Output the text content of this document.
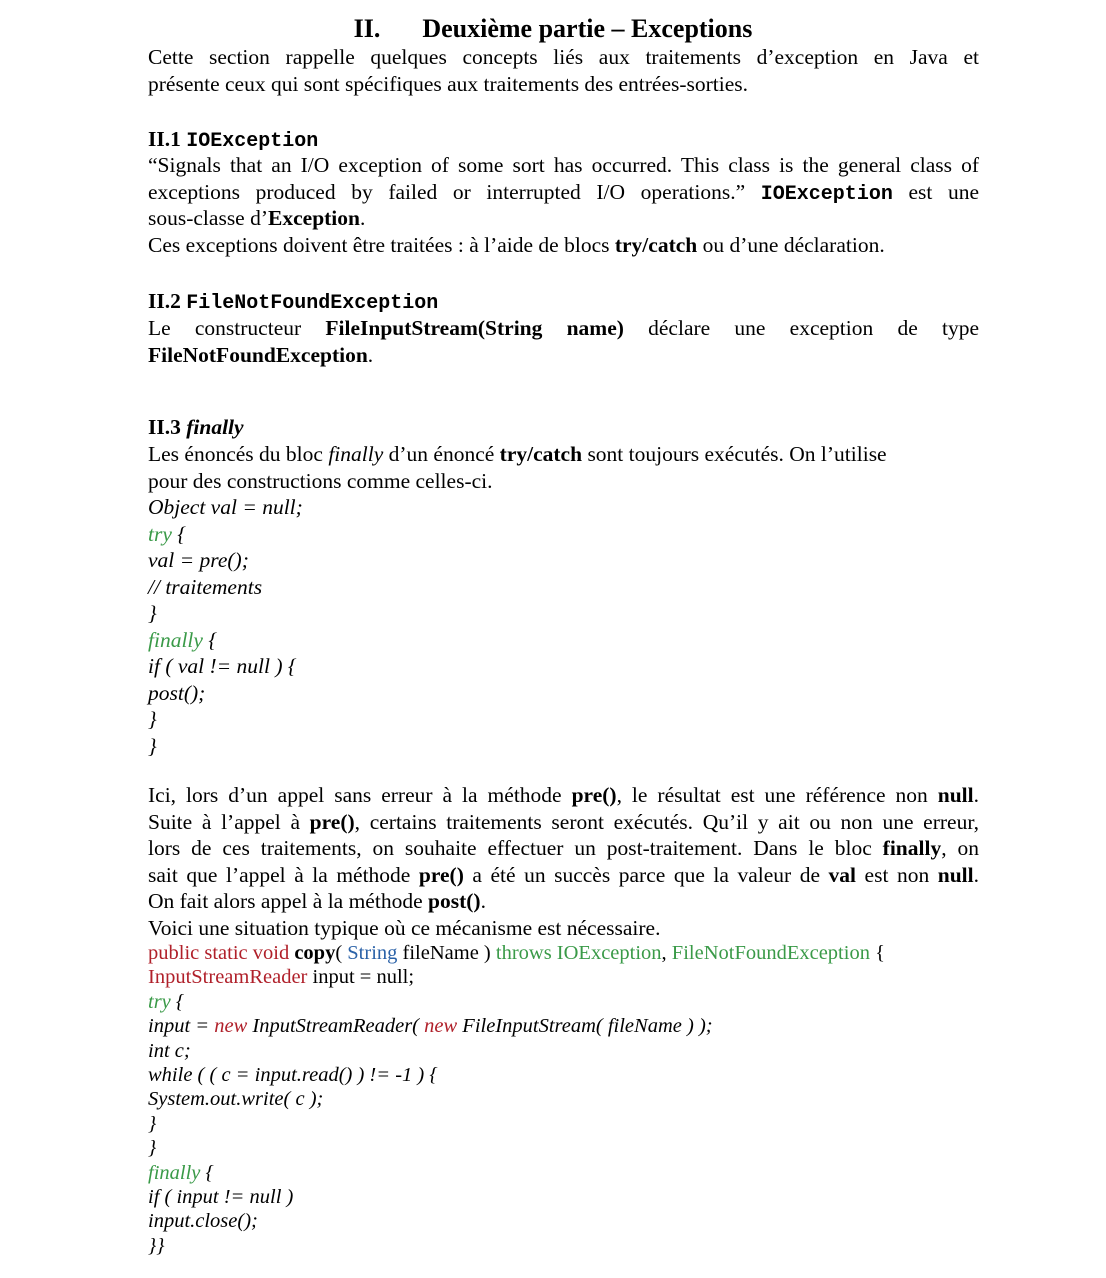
II. Deuxième partie – Exceptions
Cette section rappelle quelques concepts liés aux traitements d’exception en Java et
présente ceux qui sont spécifiques aux traitements des entrées-sorties.
II.1 IOException
“Signals that an I/O exception of some sort has occurred. This class is the general class of
exceptions produced by failed or interrupted I/O operations.” IOException est une
sous-classe d’Exception.
Ces exceptions doivent être traitées : à l’aide de blocs try/catch ou d’une déclaration.
II.2 FileNotFoundException
Le constructeur FileInputStream(String name) déclare une exception de type
FileNotFoundException.
II.3 finally
Les énoncés du bloc finally d’un énoncé try/catch sont toujours exécutés. On l’utilise
pour des constructions comme celles-ci.
Object val = null;
try {
val = pre();
// traitements
}
finally {
if ( val != null ) {
post();
}
}
Ici, lors d’un appel sans erreur à la méthode pre(), le résultat est une référence non null.
Suite à l’appel à pre(), certains traitements seront exécutés. Qu’il y ait ou non une erreur,
lors de ces traitements, on souhaite effectuer un post-traitement. Dans le bloc finally, on
sait que l’appel à la méthode pre() a été un succès parce que la valeur de val est non null.
On fait alors appel à la méthode post().
Voici une situation typique où ce mécanisme est nécessaire.
public static void copy( String fileName ) throws IOException, FileNotFoundException {
InputStreamReader input = null;
try {
input = new InputStreamReader( new FileInputStream( fileName ) );
int c;
while ( ( c = input.read() ) != -1 ) {
System.out.write( c );
}
}
finally {
if ( input != null )
input.close();
}}
